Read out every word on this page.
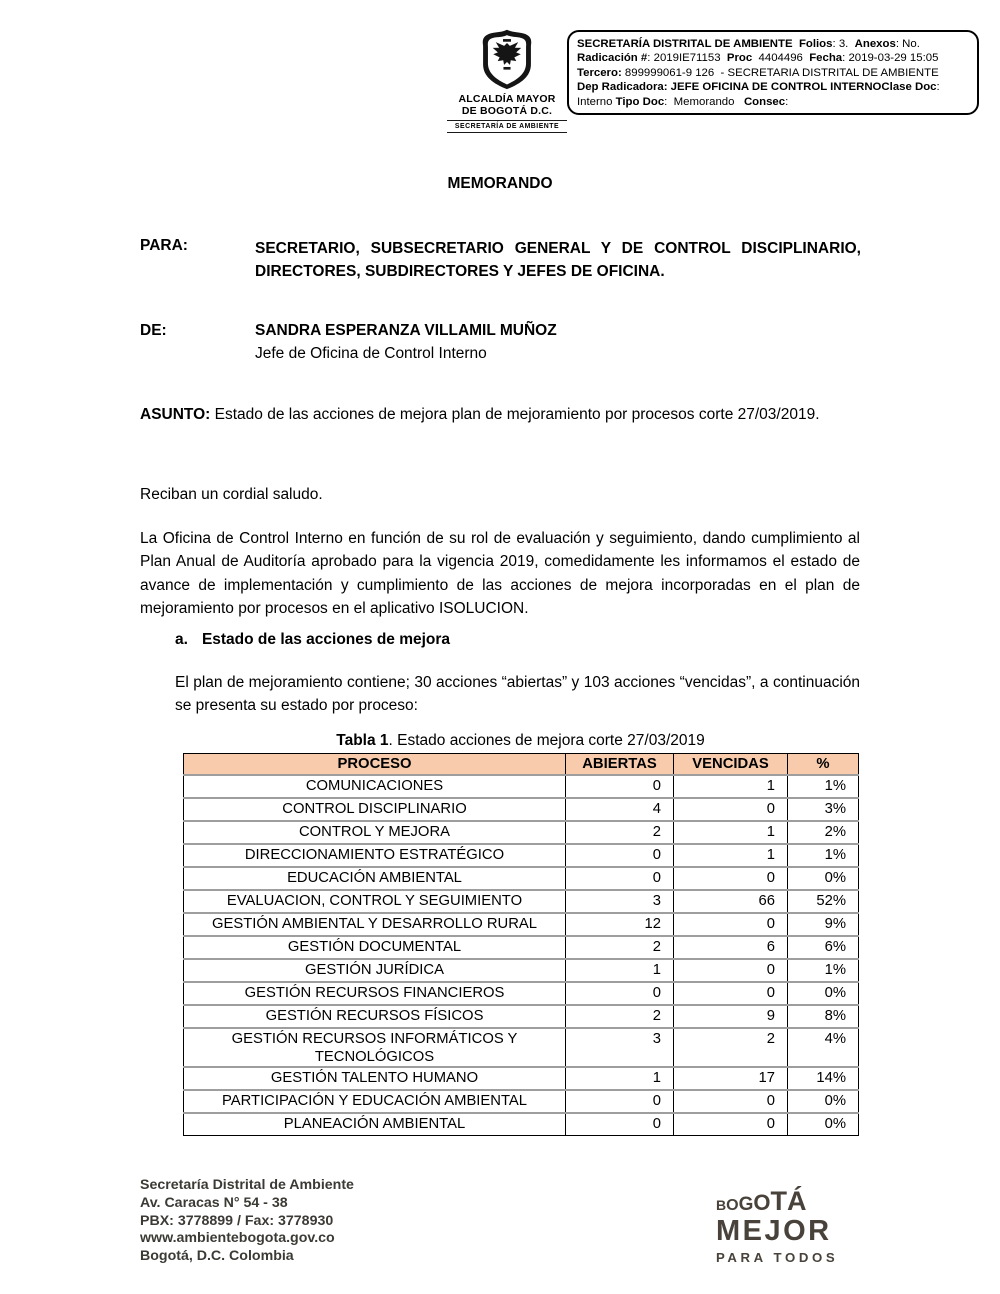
ALCALDÍA MAYOR
DE BOGOTÁ D.C.
SECRETARÍA DE AMBIENTE
SECRETARÍA DISTRITAL DE AMBIENTE Folios: 3.  Anexos: No.
Radicación #: 2019IE71153  Proc  4404496  Fecha: 2019-03-29 15:05
Tercero: 899999061-9 126  - SECRETARIA DISTRITAL DE AMBIENTE
Dep Radicadora: JEFE OFICINA DE CONTROL INTERNOClase Doc:
Interno Tipo Doc:  Memorando   Consec:
MEMORANDO
PARA:	SECRETARIO, SUBSECRETARIO GENERAL Y DE CONTROL DISCIPLINARIO, DIRECTORES, SUBDIRECTORES Y JEFES DE OFICINA.
DE:	SANDRA ESPERANZA VILLAMIL MUÑOZ
Jefe de Oficina de Control Interno
ASUNTO: Estado de las acciones de mejora plan de mejoramiento por procesos corte 27/03/2019.
Reciban un cordial saludo.
La Oficina de Control Interno en función de su rol de evaluación y seguimiento, dando cumplimiento al Plan Anual de Auditoría aprobado para la vigencia 2019, comedidamente les informamos el estado de avance de implementación y cumplimiento de las acciones de mejora incorporadas en el plan de mejoramiento por procesos en el aplicativo ISOLUCION.
a. Estado de las acciones de mejora
El plan de mejoramiento contiene; 30 acciones “abiertas” y 103 acciones “vencidas”, a continuación se presenta su estado por proceso:
Tabla 1. Estado acciones de mejora corte 27/03/2019
PROCESO	ABIERTAS	VENCIDAS	%
COMUNICACIONES	0	1	1%
CONTROL DISCIPLINARIO	4	0	3%
CONTROL Y MEJORA	2	1	2%
DIRECCIONAMIENTO ESTRATÉGICO	0	1	1%
EDUCACIÓN AMBIENTAL	0	0	0%
EVALUACION, CONTROL Y SEGUIMIENTO	3	66	52%
GESTIÓN AMBIENTAL Y DESARROLLO RURAL	12	0	9%
GESTIÓN DOCUMENTAL	2	6	6%
GESTIÓN JURÍDICA	1	0	1%
GESTIÓN RECURSOS FINANCIEROS	0	0	0%
GESTIÓN RECURSOS FÍSICOS	2	9	8%
GESTIÓN RECURSOS INFORMÁTICOS Y TECNOLÓGICOS	3	2	4%
GESTIÓN TALENTO HUMANO	1	17	14%
PARTICIPACIÓN Y EDUCACIÓN AMBIENTAL	0	0	0%
PLANEACIÓN AMBIENTAL	0	0	0%
Secretaría Distrital de Ambiente
Av. Caracas N° 54 - 38
PBX: 3778899 / Fax: 3778930
www.ambientebogota.gov.co
Bogotá, D.C. Colombia
B O G O T Á
MEJOR
PARA TODOS
